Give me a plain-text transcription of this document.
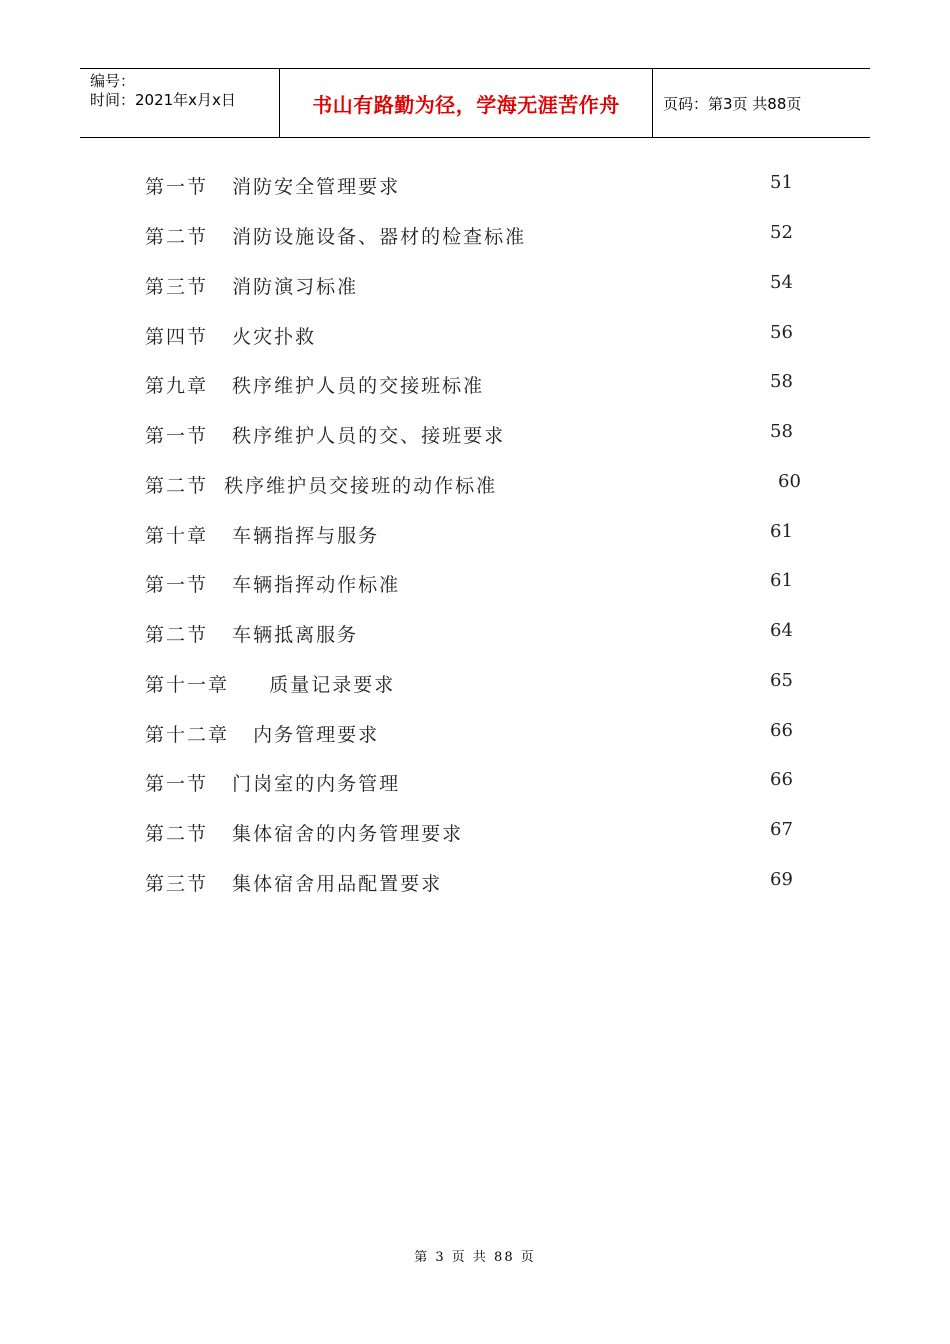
编号：
时间：2021年x月x日	书山有路勤为径，学海无涯苦作舟	页码：第3页 共88页
第一节   消防安全管理要求	51
第二节   消防设施设备、器材的检查标准	52
第三节   消防演习标准	54
第四节   火灾扑救	56
第九章   秩序维护人员的交接班标准	58
第一节   秩序维护人员的交、接班要求	58
第二节  秩序维护员交接班的动作标准	60
第十章   车辆指挥与服务	61
第一节   车辆指挥动作标准	61
第二节   车辆抵离服务	64
第十一章     质量记录要求	65
第十二章   内务管理要求	66
第一节   门岗室的内务管理	66
第二节   集体宿舍的内务管理要求	67
第三节   集体宿舍用品配置要求	69
第 3 页 共 88 页
